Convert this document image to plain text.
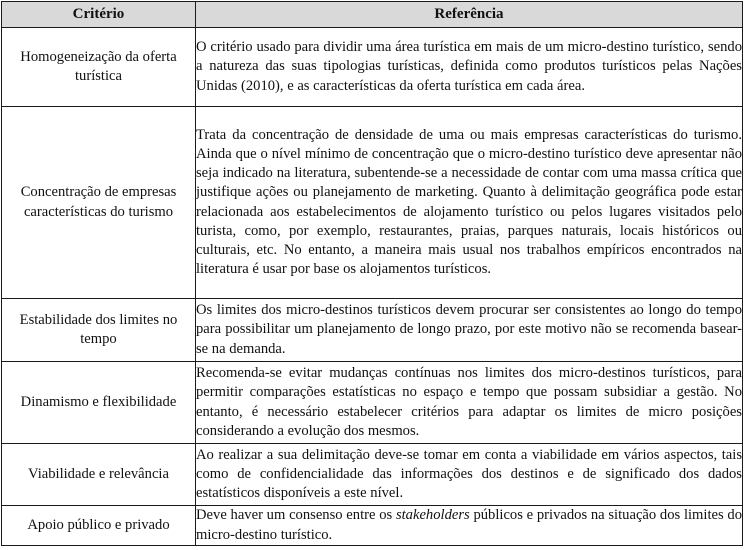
Critério	Referência
Homogeneização da oferta turística	O critério usado para dividir uma área turística em mais de um micro-destino turístico, sendo a natureza das suas tipologias turísticas, definida como produtos turísticos pelas Nações Unidas (2010), e as características da oferta turística em cada área.
Concentração de empresas características do turismo	Trata da concentração de densidade de uma ou mais empresas características do turismo. Ainda que o nível mínimo de concentração que o micro-destino turístico deve apresentar não seja indicado na literatura, subentende-se a necessidade de contar com uma massa crítica que justifique ações ou planejamento de marketing. Quanto à delimitação geográfica pode estar relacionada aos estabelecimentos de alojamento turístico ou pelos lugares visitados pelo turista, como, por exemplo, restaurantes, praias, parques naturais, locais históricos ou culturais, etc. No entanto, a maneira mais usual nos trabalhos empíricos encontrados na literatura é usar por base os alojamentos turísticos.
Estabilidade dos limites no tempo	Os limites dos micro-destinos turísticos devem procurar ser consistentes ao longo do tempo para possibilitar um planejamento de longo prazo, por este motivo não se recomenda basear-se na demanda.
Dinamismo e flexibilidade	Recomenda-se evitar mudanças contínuas nos limites dos micro-destinos turísticos, para permitir comparações estatísticas no espaço e tempo que possam subsidiar a gestão. No entanto, é necessário estabelecer critérios para adaptar os limites de micro posições considerando a evolução dos mesmos.
Viabilidade e relevância	Ao realizar a sua delimitação deve-se tomar em conta a viabilidade em vários aspectos, tais como de confidencialidade das informações dos destinos e de significado dos dados estatísticos disponíveis a este nível.
Apoio público e privado	Deve haver um consenso entre os stakeholders públicos e privados na situação dos limites do micro-destino turístico.
